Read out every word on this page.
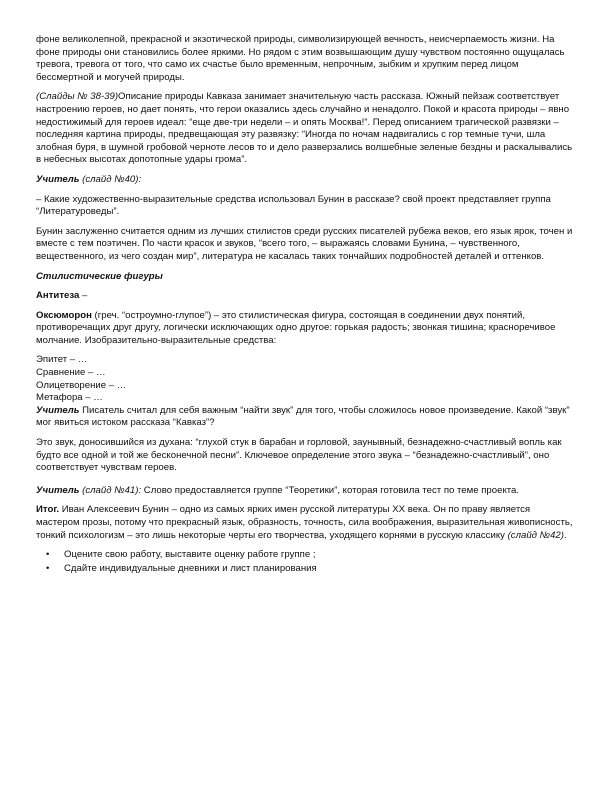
фоне великолепной, прекрасной и экзотической природы, символизирующей вечность, неисчерпаемость жизни. На фоне природы они становились более яркими. Но рядом с этим возвышающим душу чувством постоянно ощущалась тревога, тревога от того, что само их счастье было временным, непрочным, зыбким и хрупким перед лицом бессмертной и могучей природы.

(Слайды № 38-39)Описание природы Кавказа занимает значительную часть рассказа. Южный пейзаж соответствует настроению героев, но дает понять, что герои оказались здесь случайно и ненадолго. Покой и красота природы – явно недостижимый для героев идеал: “еще две-три недели – и опять Москва!”. Перед описанием трагической развязки – последняя картина природы, предвещающая эту развязку: “Иногда по ночам надвигались с гор темные тучи, шла злобная буря, в шумной гробовой черноте лесов то и дело разверзались волшебные зеленые бездны и раскалывались в небесных высотах допотопные удары грома”.

Учитель (слайд №40):

– Какие художественно-выразительные средства использовал Бунин в рассказе? свой проект представляет группа “Литературоведы”.

Бунин заслуженно считается одним из лучших стилистов среди русских писателей рубежа веков, его язык ярок, точен и вместе с тем поэтичен. По части красок и звуков, “всего того, – выражаясь словами Бунина, – чувственного, вещественного, из чего создан мир”, литература не касалась таких тончайших подробностей деталей и оттенков.

Стилистические фигуры

Антитеза –

Оксюморон (греч. “остроумно-глупое”) – это стилистическая фигура, состоящая в соединении двух понятий, противоречащих друг другу, логически исключающих одно другое: горькая радость; звонкая тишина; красноречивое молчание. Изобразительно-выразительные средства:

Эпитет – …
Сравнение – …
Олицетворение – …
Метафора – …

Учитель Писатель считал для себя важным “найти звук” для того, чтобы сложилось новое произведение. Какой “звук” мог явиться истоком рассказа “Кавказ”?

Это звук, доносившийся из духана: “глухой стук в барабан и горловой, заунывный, безнадежно-счастливый вопль как будто все одной и той же бесконечной песни”. Ключевое определение этого звука – “безнадежно-счастливый”, оно соответствует чувствам героев.

Учитель (слайд №41): Слово предоставляется группе “Теоретики”, которая готовила тест по теме проекта.

Итог. Иван Алексеевич Бунин – одно из самых ярких имен русской литературы XX века. Он по праву является мастером прозы, потому что прекрасный язык, образность, точность, сила воображения, выразительная живописность, тонкий психологизм – это лишь некоторые черты его творчества, уходящего корнями в русскую классику (слайд №42).

• Оцените свою работу, выставите оценку работе группе ;
• Сдайте индивидуальные дневники и лист планирования
